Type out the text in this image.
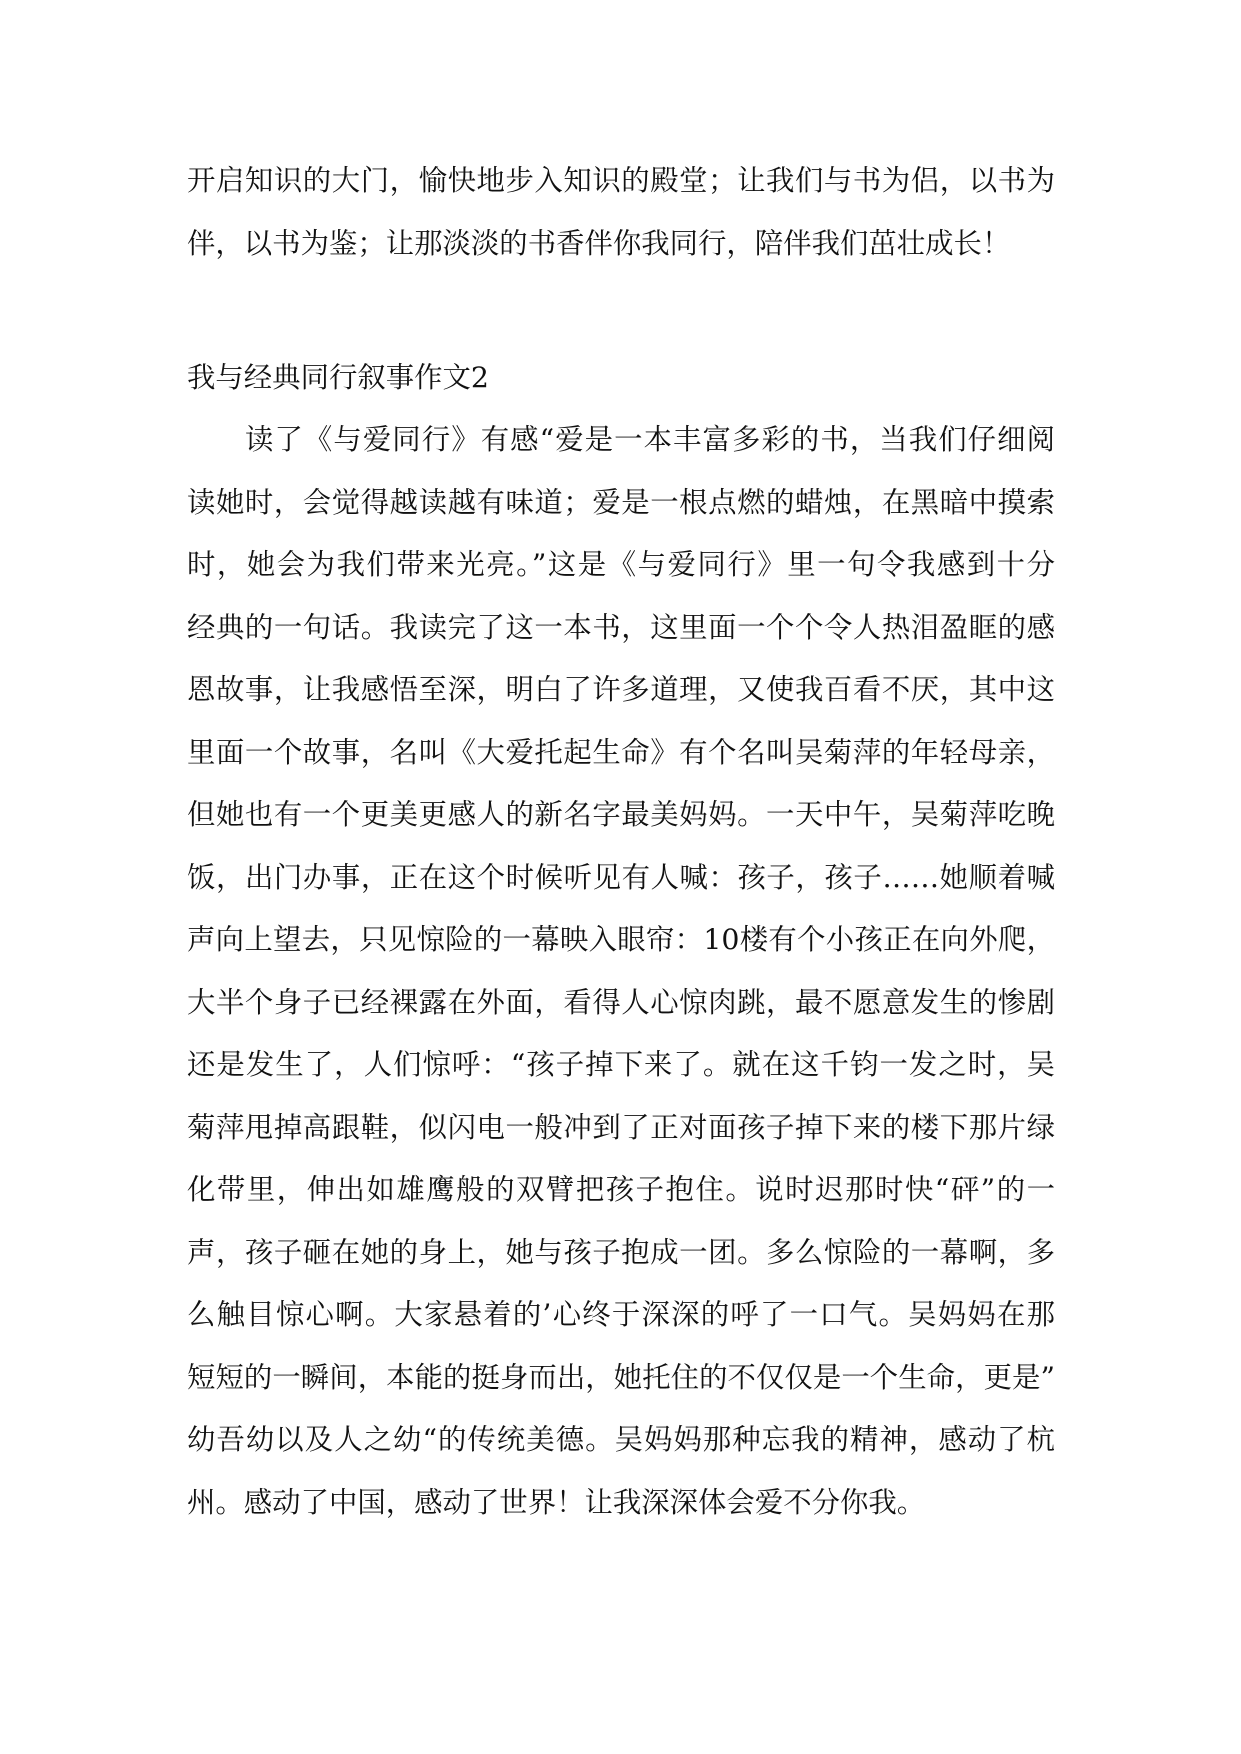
开启知识的大门，愉快地步入知识的殿堂；让我们与书为侣，以书为
伴，以书为鉴；让那淡淡的书香伴你我同行，陪伴我们茁壮成长！
我与经典同行叙事作文2
读了《与爱同行》有感“爱是一本丰富多彩的书，当我们仔细阅
读她时，会觉得越读越有味道；爱是一根点燃的蜡烛，在黑暗中摸索
时，她会为我们带来光亮。”这是《与爱同行》里一句令我感到十分
经典的一句话。我读完了这一本书，这里面一个个令人热泪盈眶的感
恩故事，让我感悟至深，明白了许多道理，又使我百看不厌，其中这
里面一个故事，名叫《大爱托起生命》有个名叫吴菊萍的年轻母亲，
但她也有一个更美更感人的新名字最美妈妈。一天中午，吴菊萍吃晚
饭，出门办事，正在这个时候听见有人喊：孩子，孩子……她顺着喊
声向上望去，只见惊险的一幕映入眼帘：10楼有个小孩正在向外爬，
大半个身子已经裸露在外面，看得人心惊肉跳，最不愿意发生的惨剧
还是发生了，人们惊呼：“孩子掉下来了。就在这千钧一发之时，吴
菊萍甩掉高跟鞋，似闪电一般冲到了正对面孩子掉下来的楼下那片绿
化带里，伸出如雄鹰般的双臂把孩子抱住。说时迟那时快“砰”的一
声，孩子砸在她的身上，她与孩子抱成一团。多么惊险的一幕啊，多
么触目惊心啊。大家悬着的’心终于深深的呼了一口气。吴妈妈在那
短短的一瞬间，本能的挺身而出，她托住的不仅仅是一个生命，更是”
幼吾幼以及人之幼“的传统美德。吴妈妈那种忘我的精神，感动了杭
州。感动了中国，感动了世界！让我深深体会爱不分你我。
